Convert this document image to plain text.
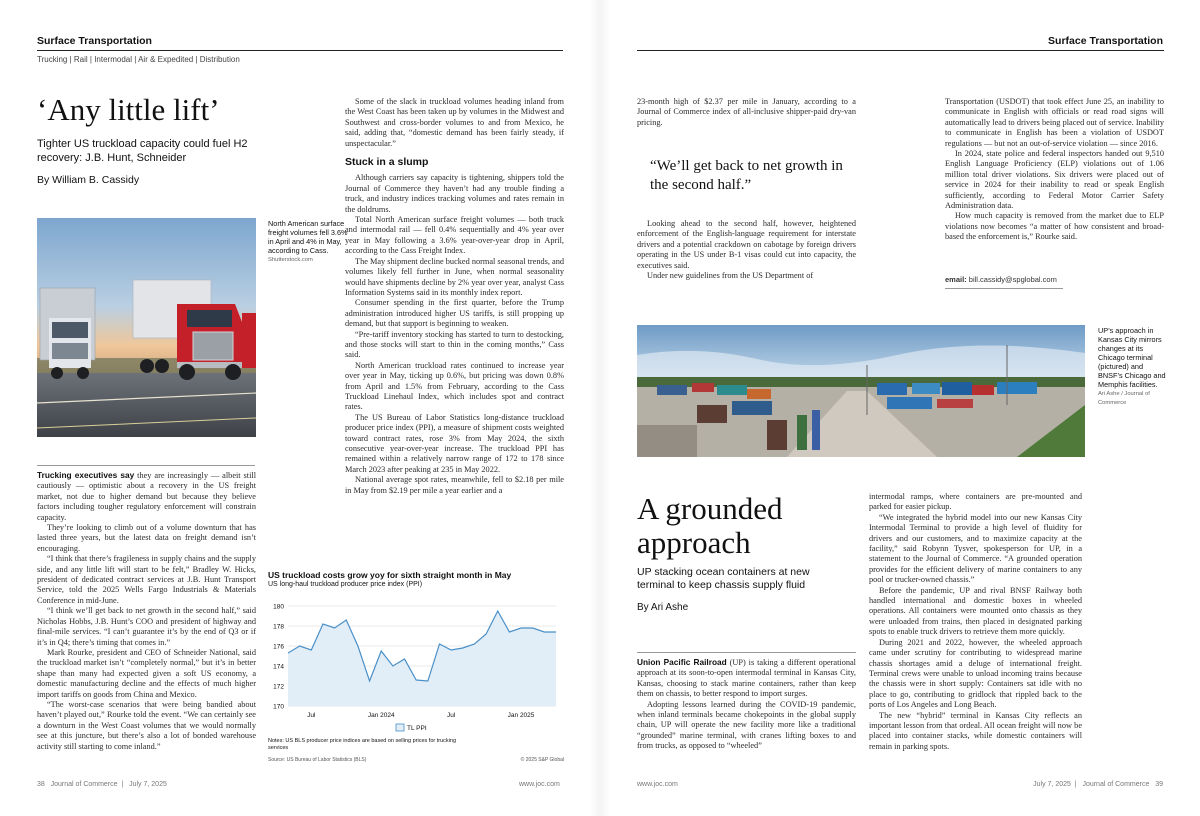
Surface Transportation
Trucking | Rail | Intermodal | Air & Expedited | Distribution
‘Any little lift’
Tighter US truckload capacity could fuel H2 recovery: J.B. Hunt, Schneider
By William B. Cassidy
North American surface freight volumes fell 3.6% in April and 4% in May, according to Cass.
Shutterstock.com

Trucking executives say they are increasingly — albeit still cautiously — optimistic about a recovery in the US freight market, not due to higher demand but because they believe factors including tougher regulatory enforcement will constrain capacity.

They’re looking to climb out of a volume downturn that has lasted three years, but the latest data on freight demand isn’t encouraging.

“I think that there’s fragileness in supply chains and the supply side, and any little lift will start to be felt,” Bradley W. Hicks, president of dedicated contract services at J.B. Hunt Transport Service, told the 2025 Wells Fargo Industrials & Materials Conference in mid-June.

“I think we’ll get back to net growth in the second half,” said Nicholas Hobbs, J.B. Hunt’s COO and president of highway and final-mile services. “I can’t guarantee it’s by the end of Q3 or if it’s in Q4; there’s timing that comes in.”

Mark Rourke, president and CEO of Schneider National, said the truckload market isn’t “completely normal,” but it’s in better shape than many had expected given a soft US economy, a domestic manufacturing decline and the effects of much higher import tariffs on goods from China and Mexico.

“The worst-case scenarios that were being bandied about haven’t played out,” Rourke told the event. “We can certainly see a downturn in the West Coast volumes that we would normally see at this juncture, but there’s also a lot of bonded warehouse activity still starting to come inland.”

Some of the slack in truckload volumes heading inland from the West Coast has been taken up by volumes in the Midwest and Southwest and cross-border volumes to and from Mexico, he said, adding that, “domestic demand has been fairly steady, if unspectacular.”

Stuck in a slump

Although carriers say capacity is tightening, shippers told the Journal of Commerce they haven’t had any trouble finding a truck, and industry indices tracking volumes and rates remain in the doldrums.

Total North American surface freight volumes — both truck and intermodal rail — fell 0.4% sequentially and 4% year over year in May following a 3.6% year-over-year drop in April, according to the Cass Freight Index.

The May shipment decline bucked normal seasonal trends, and volumes likely fell further in June, when normal seasonality would have shipments decline by 2% year over year, analyst Cass Information Systems said in its monthly index report.

Consumer spending in the first quarter, before the Trump administration introduced higher US tariffs, is still propping up demand, but that support is beginning to weaken.

“Pre-tariff inventory stocking has started to turn to destocking, and those stocks will start to thin in the coming months,” Cass said.

North American truckload rates continued to increase year over year in May, ticking up 0.6%, but pricing was down 0.8% from April and 1.5% from February, according to the Cass Truckload Linehaul Index, which includes spot and contract rates.

The US Bureau of Labor Statistics long-distance truckload producer price index (PPI), a measure of shipment costs weighted toward contract rates, rose 3% from May 2024, the sixth consecutive year-over-year increase. The truckload PPI has remained within a relatively narrow range of 172 to 178 since March 2023 after peaking at 235 in May 2022.

National average spot rates, meanwhile, fell to $2.18 per mile in May from $2.19 per mile a year earlier and a

US truckload costs grow yoy for sixth straight month in May
US long-haul truckload producer price index (PPI)
170
172
174
176
178
180
Jul	Jan 2024	Jul	Jan 2025
TL PPI
Notes: US BLS producer price indices are based on selling prices for trucking services
Source: US Bureau of Labor Statistics (BLS)	© 2025 S&P Global
38 Journal of Commerce  |   July 7, 2025	www.joc.com
Surface Transportation

23-month high of $2.37 per mile in January, according to a Journal of Commerce index of all-inclusive shipper-paid dry-van pricing.

“We’ll get back to net growth in the second half.”

Looking ahead to the second half, however, heightened enforcement of the English-language requirement for interstate drivers and a potential crackdown on cabotage by foreign drivers operating in the US under B-1 visas could cut into capacity, the executives said.

Under new guidelines from the US Department of

Transportation (USDOT) that took effect June 25, an inability to communicate in English with officials or read road signs will automatically lead to drivers being placed out of service. Inability to communicate in English has been a violation of USDOT regulations — but not an out-of-service violation — since 2016.

In 2024, state police and federal inspectors handed out 9,510 English Language Proficiency (ELP) violations out of 1.06 million total driver violations. Six drivers were placed out of service in 2024 for their inability to read or speak English sufficiently, according to Federal Motor Carrier Safety Administration data.

How much capacity is removed from the market due to ELP violations now becomes “a matter of how consistent and broad-based the enforcement is,” Rourke said.

email: bill.cassidy@spglobal.com
UP’s approach in Kansas City mirrors changes at its Chicago terminal (pictured) and BNSF’s Chicago and Memphis facilities.
Ari Ashe / Journal of Commerce
A grounded approach
UP stacking ocean containers at new terminal to keep chassis supply fluid
By Ari Ashe

Union Pacific Railroad (UP) is taking a different operational approach at its soon-to-open intermodal terminal in Kansas City, Kansas, choosing to stack marine containers, rather than keep them on chassis, to better respond to import surges.

Adopting lessons learned during the COVID-19 pandemic, when inland terminals became chokepoints in the global supply chain, UP will operate the new facility more like a traditional “grounded” marine terminal, with cranes lifting boxes to and from trucks, as opposed to “wheeled”

intermodal ramps, where containers are pre-mounted and parked for easier pickup.

“We integrated the hybrid model into our new Kansas City Intermodal Terminal to provide a high level of fluidity for drivers and our customers, and to maximize capacity at the facility,” said Robynn Tysver, spokesperson for UP, in a statement to the Journal of Commerce. “A grounded operation provides for the efficient delivery of marine containers to any pool or trucker-owned chassis.”

Before the pandemic, UP and rival BNSF Railway both handled international and domestic boxes in wheeled operations. All containers were mounted onto chassis as they were unloaded from trains, then placed in designated parking spots to enable truck drivers to retrieve them more quickly.

During 2021 and 2022, however, the wheeled approach came under scrutiny for contributing to widespread marine chassis shortages amid a deluge of international freight. Terminal crews were unable to unload incoming trains because the chassis were in short supply: Containers sat idle with no place to go, contributing to gridlock that rippled back to the ports of Los Angeles and Long Beach.

The new “hybrid” terminal in Kansas City reflects an important lesson from that ordeal. All ocean freight will now be placed into container stacks, while domestic containers will remain in parking spots.

www.joc.com	July 7, 2025  |   Journal of Commerce 39
